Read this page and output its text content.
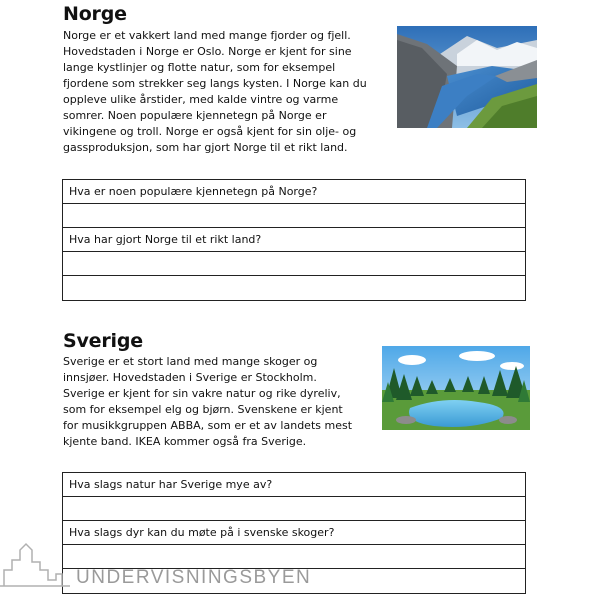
Norge
Norge er et vakkert land med mange fjorder og fjell.
Hovedstaden i Norge er Oslo. Norge er kjent for sine
lange kystlinjer og flotte natur, som for eksempel
fjordene som strekker seg langs kysten. I Norge kan du
oppleve ulike årstider, med kalde vintre og varme
somrer. Noen populære kjennetegn på Norge er
vikingene og troll. Norge er også kjent for sin olje- og
gassproduksjon, som har gjort Norge til et rikt land.
Hva er noen populære kjennetegn på Norge?
Hva har gjort Norge til et rikt land?
Sverige
Sverige er et stort land med mange skoger og
innsjøer. Hovedstaden i Sverige er Stockholm.
Sverige er kjent for sin vakre natur og rike dyreliv,
som for eksempel elg og bjørn. Svenskene er kjent
for musikkgruppen ABBA, som er et av landets mest
kjente band. IKEA kommer også fra Sverige.
Hva slags natur har Sverige mye av?
Hva slags dyr kan du møte på i svenske skoger?
UNDERVISNINGSBYEN
